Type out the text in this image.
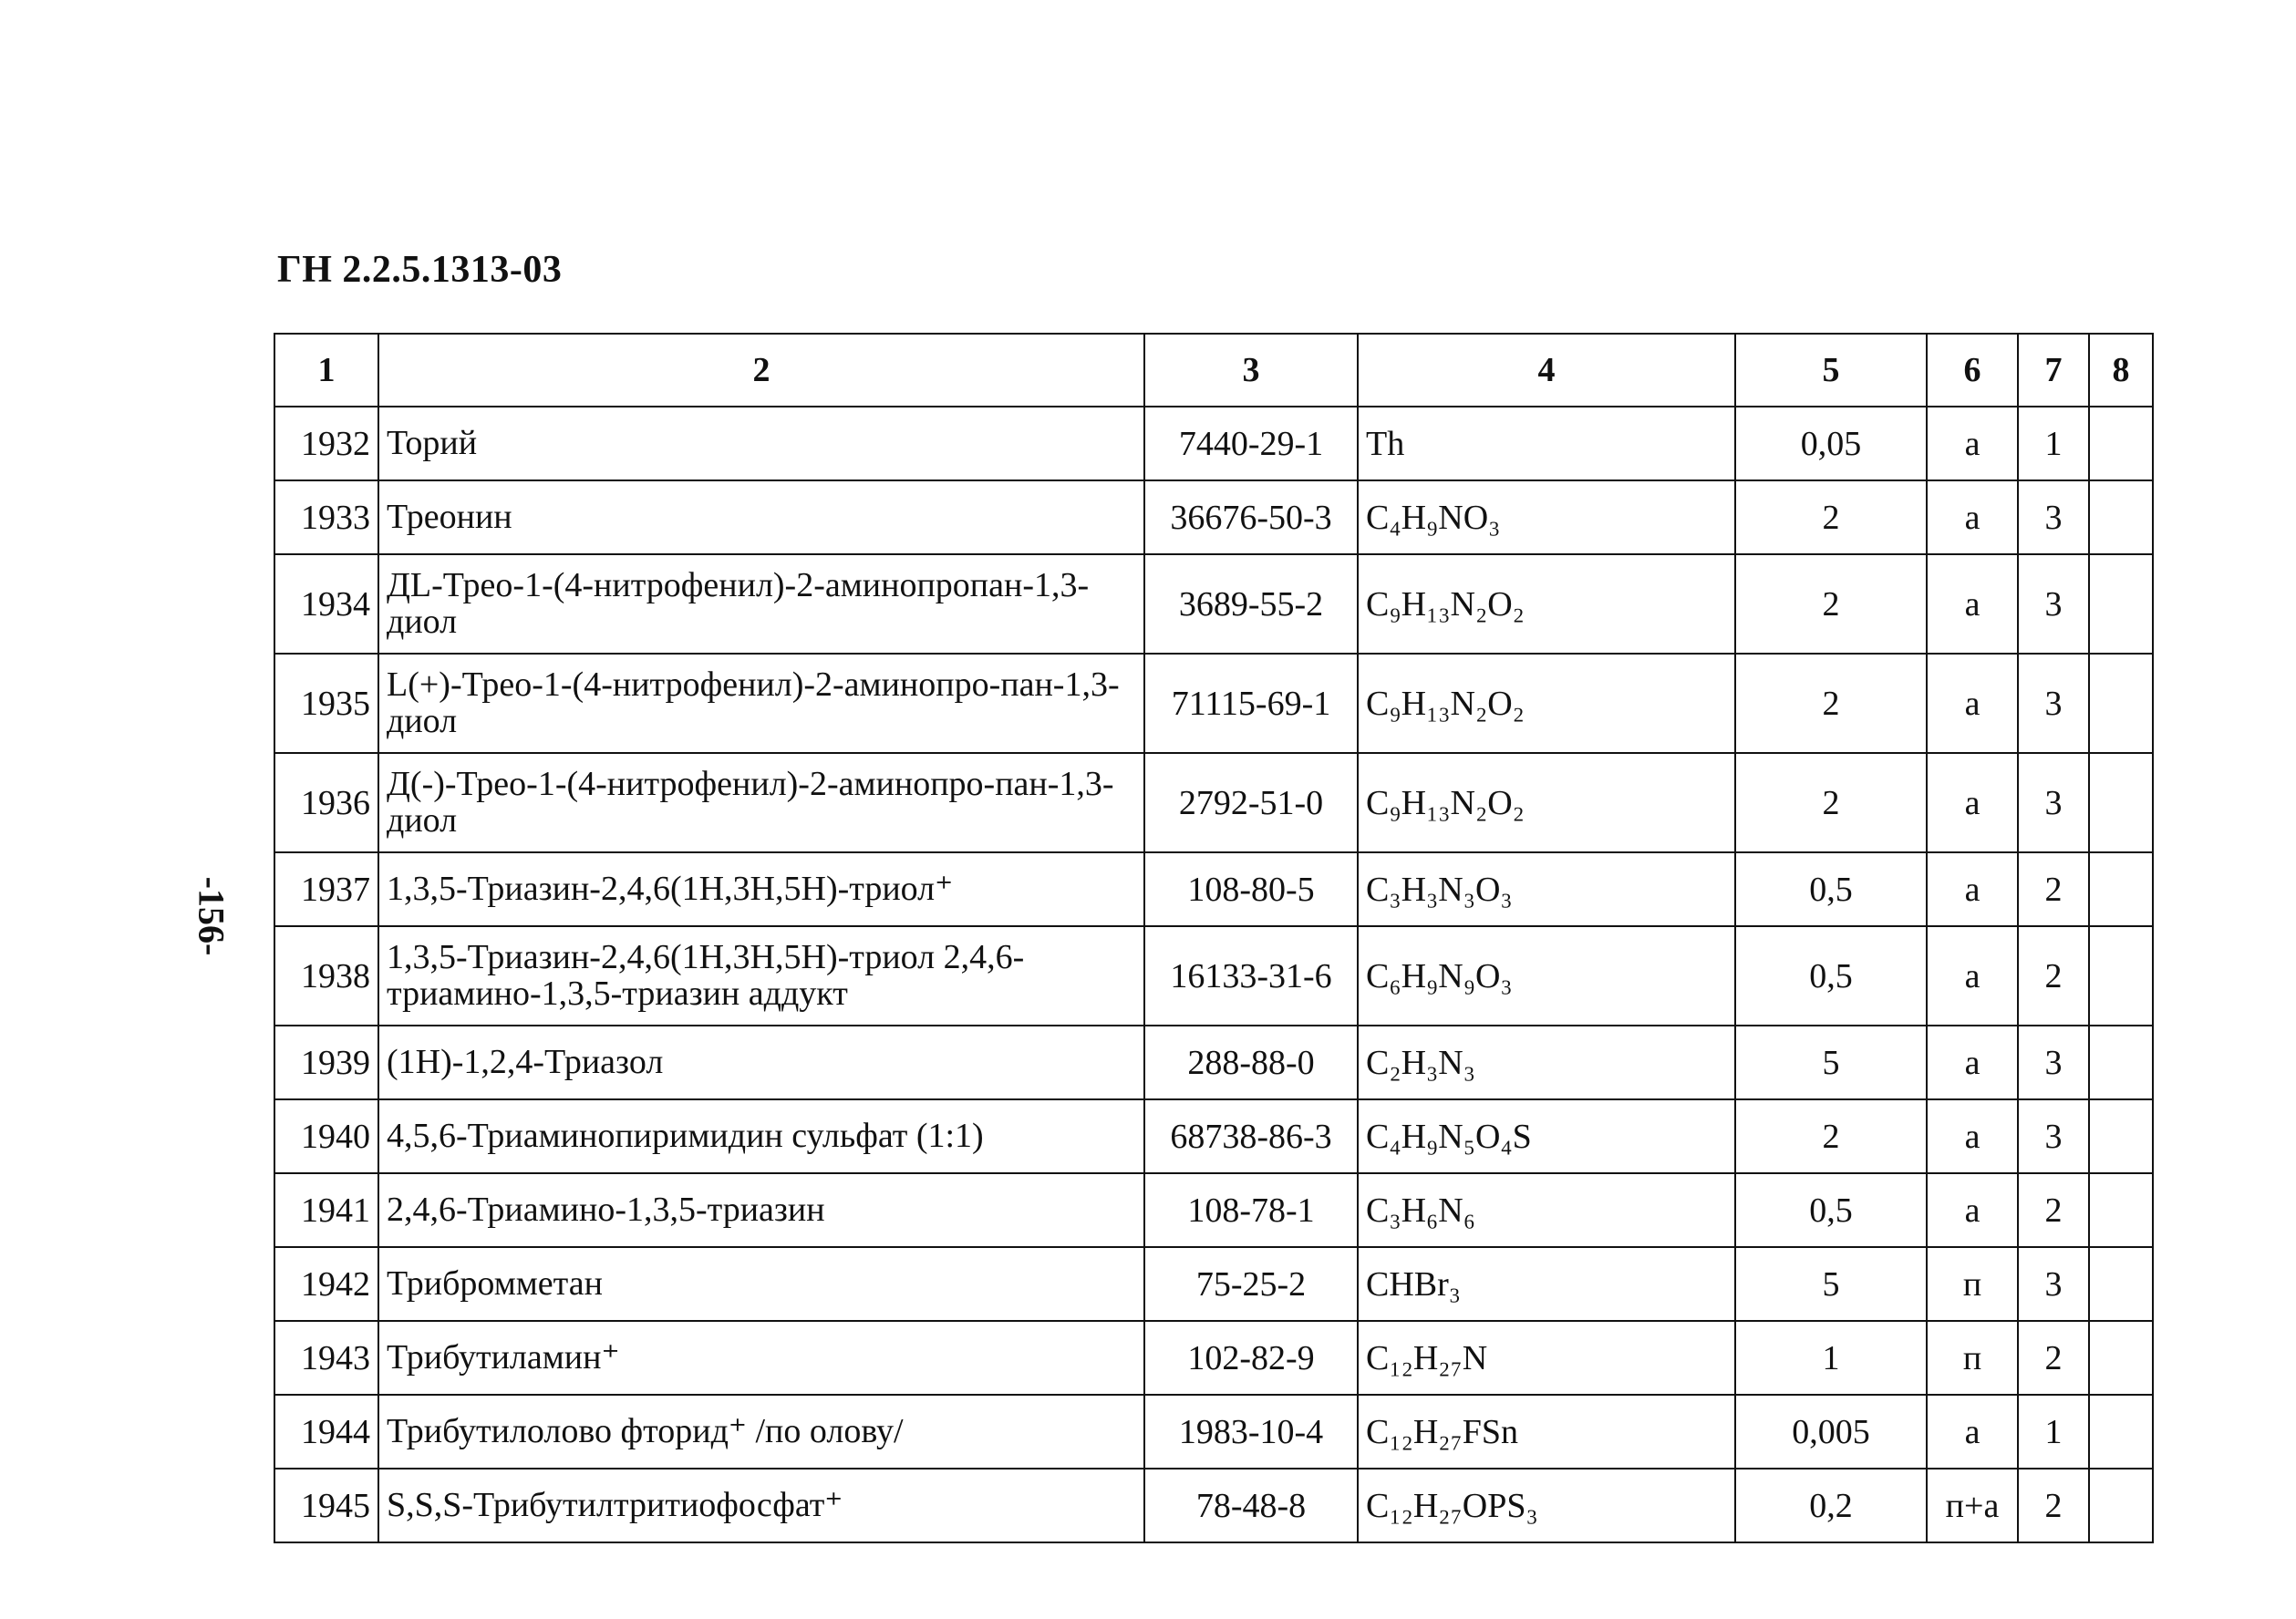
ГН 2.2.5.1313-03
-156-
1	2	3	4	5	6	7	8
1932	Торий	7440-29-1	Th	0,05	а	1	
1933	Треонин	36676-50-3	C₄H₉NO₃	2	а	3	
1934	ДL-Трео-1-(4-нитрофенил)-2-аминопропан-1,3-диол	3689-55-2	C₉H₁₃N₂O₂	2	а	3	
1935	L(+)-Трео-1-(4-нитрофенил)-2-аминопро-пан-1,3-диол	71115-69-1	C₉H₁₃N₂O₂	2	а	3	
1936	Д(-)-Трео-1-(4-нитрофенил)-2-аминопро-пан-1,3-диол	2792-51-0	C₉H₁₃N₂O₂	2	а	3	
1937	1,3,5-Триазин-2,4,6(1Н,3Н,5Н)-триол⁺	108-80-5	C₃H₃N₃O₃	0,5	а	2	
1938	1,3,5-Триазин-2,4,6(1Н,3Н,5Н)-триол 2,4,6-триамино-1,3,5-триазин аддукт	16133-31-6	C₆H₉N₉O₃	0,5	а	2	
1939	(1Н)-1,2,4-Триазол	288-88-0	C₂H₃N₃	5	а	3	
1940	4,5,6-Триаминопиримидин сульфат (1:1)	68738-86-3	C₄H₉N₅O₄S	2	а	3	
1941	2,4,6-Триамино-1,3,5-триазин	108-78-1	C₃H₆N₆	0,5	а	2	
1942	Трибромметан	75-25-2	CHBr₃	5	п	3	
1943	Трибутиламин⁺	102-82-9	C₁₂H₂₇N	1	п	2	
1944	Трибутилолово фторид⁺ /по олову/	1983-10-4	C₁₂H₂₇FSn	0,005	а	1	
1945	S,S,S-Трибутилтритиофосфат⁺	78-48-8	C₁₂H₂₇OPS₃	0,2	п+а	2	
